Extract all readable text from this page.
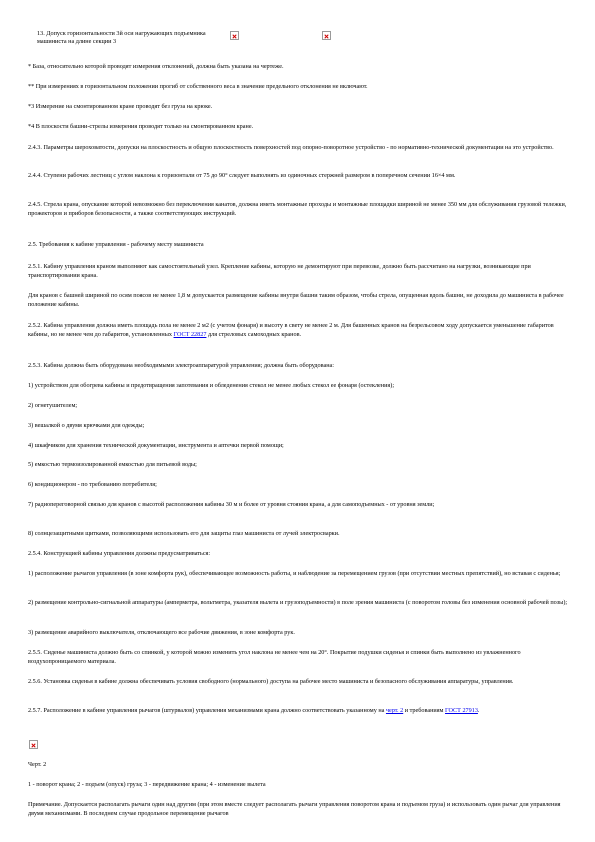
13. Допуск горизонтальности 3й оси нагружающих подъемника машиниста на длине секции 3

* База, относительно которой проводят измерения отклонений, должна быть указана на чертеже.

** При измерениях в горизонтальном положении прогиб от собственного веса в значение предельного отклонения не включают.

*3 Измерение на смонтированном кране проводят без груза на крюке.

*4 В плоскости башни-стрелы измерения проводят только на смонтированном кране.

2.4.3. Параметры шероховатости, допуски на плоскостность и общую плоскостность поверхностей под опорно-поворотное устройство - по нормативно-технической документации на это устройство.

2.4.4. Ступени рабочих лестниц с углом наклона к горизонтали от 75 до 90° следует выполнять из одиночных стержней размером в поперечном сечении 16×4 мм.

2.4.5. Стрела крана, опускание которой невозможно без переключения канатов, должна иметь монтажные проходы и монтажные площадки шириной не менее 350 мм для обслуживания грузовой тележки, прожекторов и приборов безопасности, а также соответствующих инструкций.

2.5. Требования к кабине управления - рабочему месту машиниста

2.5.1. Кабину управления краном выполняют как самостоятельный узел. Крепление кабины, которую не демонтируют при перевозке, должно быть рассчитано на нагрузки, возникающие при транспортировании крана.

Для кранов с башней шириной по осям поясов не менее 1,8 м допускается размещение кабины внутри башни таким образом, чтобы стрела, опущенная вдоль башни, не доходила до машиниста в рабочее положение кабины.

2.5.2. Кабина управления должна иметь площадь пола не менее 2 м2 (с учетом фонаря) и высоту в свету не менее 2 м. Для башенных кранов на безрельсовом ходу допускается уменьшение габаритов кабины, но не менее чем до габаритов, установленных ГОСТ 22827 для стреловых самоходных кранов.

2.5.3. Кабина должна быть оборудована необходимыми электроаппаратурой управления; должна быть оборудована:

1) устройством для обогрева кабины и предотвращения запотевания и обледенения стекол не менее любых стекол ее фонаря (остекления);

2) огнетушителем;

3) вешалкой о двумя крючками для одежды;

4) шкафчиком для хранения технической документации, инструмента и аптечки первой помощи;

5) емкостью термоизолированной емкостью для питьевой воды;

6) кондиционером - по требованию потребителя;

7) радиопереговорной связью для кранов с высотой расположения кабины 30 м и более от уровня стояния крана, а для самоподъемных - от уровня земли;

8) солнцезащитными щитками, позволяющими использовать его для защиты глаз машиниста от лучей электросварки.

2.5.4. Конструкцией кабины управления должны предусматриваться:

1) расположение рычагов управления (в зоне комфорта рук), обеспечивающее возможность работы, и наблюдение за перемещением грузов (при отсутствии местных препятствий), но вставая с сиденья;

2) размещение контрольно-сигнальной аппаратуры (амперметра, вольтметра, указателя вылета и грузоподъемности) в поле зрения машиниста (с поворотом головы без изменения основной рабочей позы);

3) размещение аварийного выключателя, отключающего все рабочие движения, в зоне комфорта рук.

2.5.5. Сиденье машиниста должно быть со спинкой, у которой можно изменить угол наклона не менее чем на 20°. Покрытие подушки сиденья и спинки быть выполнено из увлажненного воздухопроницаемого материала.

2.5.6. Установка сиденья в кабине должна обеспечивать условия свободного (нормального) доступа на рабочее место машиниста и безопасного обслуживания аппаратуры, управления.

2.5.7. Расположение в кабине управления рычагов (штурвалов) управления механизмами крана должно соответствовать указанному на черт. 2 и требованиям ГОСТ 27913.

Черт. 2

1 - поворот крана; 2 - подъем (опуск) груза; 3 - передвижение крана; 4 - изменение вылета

Примечание. Допускается располагать рычаги один над другим (при этом вместе следует располагать рычаги управления поворотом крана и подъемом груза) и использовать один рычаг для управления двумя механизмами. В последнем случае продольное перемещение рычагов
